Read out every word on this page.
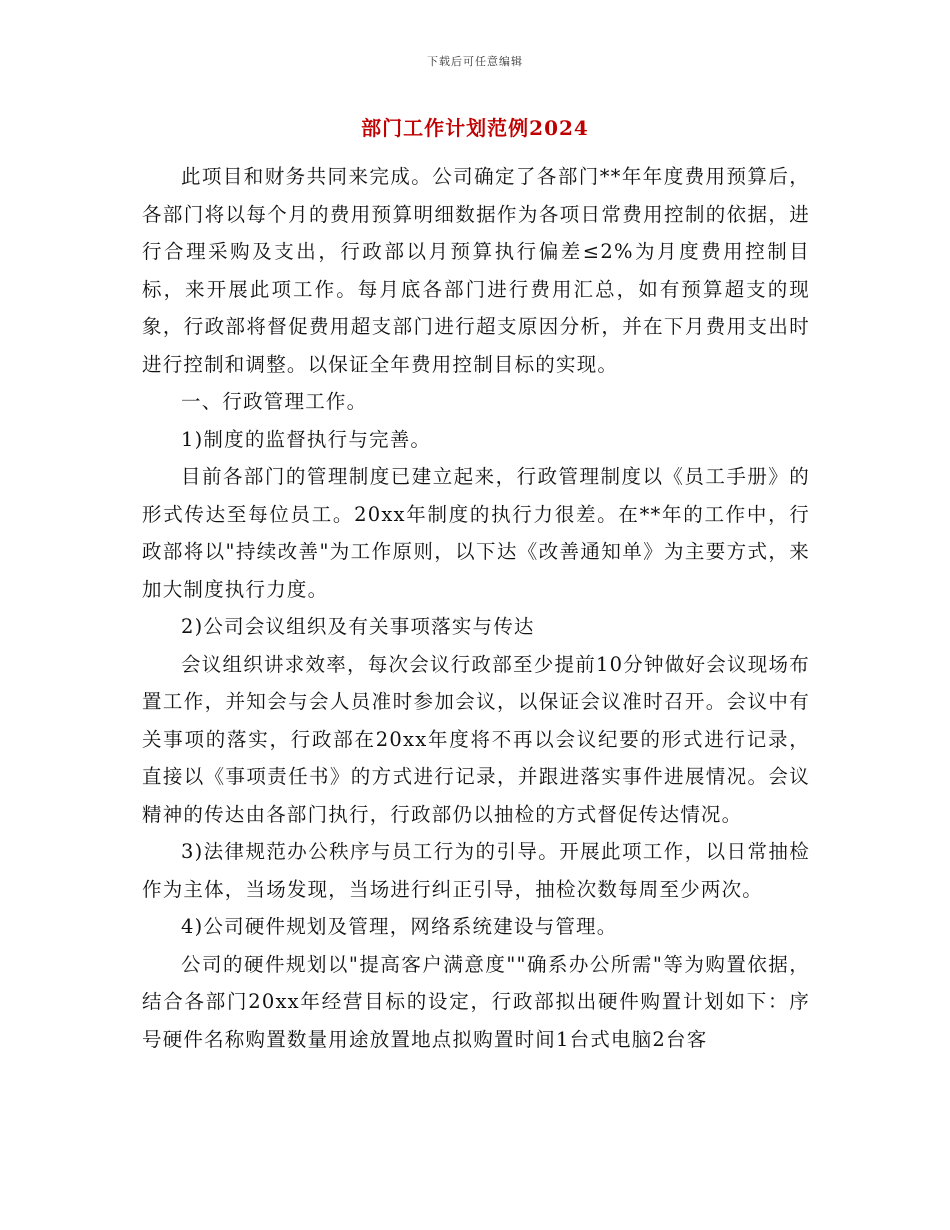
下载后可任意编辑
部门工作计划范例2024

此项目和财务共同来完成。公司确定了各部门**年年度费用预算后，各部门将以每个月的费用预算明细数据作为各项日常费用控制的依据，进行合理采购及支出，行政部以月预算执行偏差≤2%为月度费用控制目标，来开展此项工作。每月底各部门进行费用汇总，如有预算超支的现象，行政部将督促费用超支部门进行超支原因分析，并在下月费用支出时进行控制和调整。以保证全年费用控制目标的实现。

一、行政管理工作。

1)制度的监督执行与完善。

目前各部门的管理制度已建立起来，行政管理制度以《员工手册》的形式传达至每位员工。20xx年制度的执行力很差。在**年的工作中，行政部将以"持续改善"为工作原则，以下达《改善通知单》为主要方式，来加大制度执行力度。

2)公司会议组织及有关事项落实与传达

会议组织讲求效率，每次会议行政部至少提前10分钟做好会议现场布置工作，并知会与会人员准时参加会议，以保证会议准时召开。会议中有关事项的落实，行政部在20xx年度将不再以会议纪要的形式进行记录，直接以《事项责任书》的方式进行记录，并跟进落实事件进展情况。会议精神的传达由各部门执行，行政部仍以抽检的方式督促传达情况。

3)法律规范办公秩序与员工行为的引导。开展此项工作，以日常抽检作为主体，当场发现，当场进行纠正引导，抽检次数每周至少两次。

4)公司硬件规划及管理，网络系统建设与管理。

公司的硬件规划以"提高客户满意度""确系办公所需"等为购置依据，结合各部门20xx年经营目标的设定，行政部拟出硬件购置计划如下：序号硬件名称购置数量用途放置地点拟购置时间1台式电脑2台客
